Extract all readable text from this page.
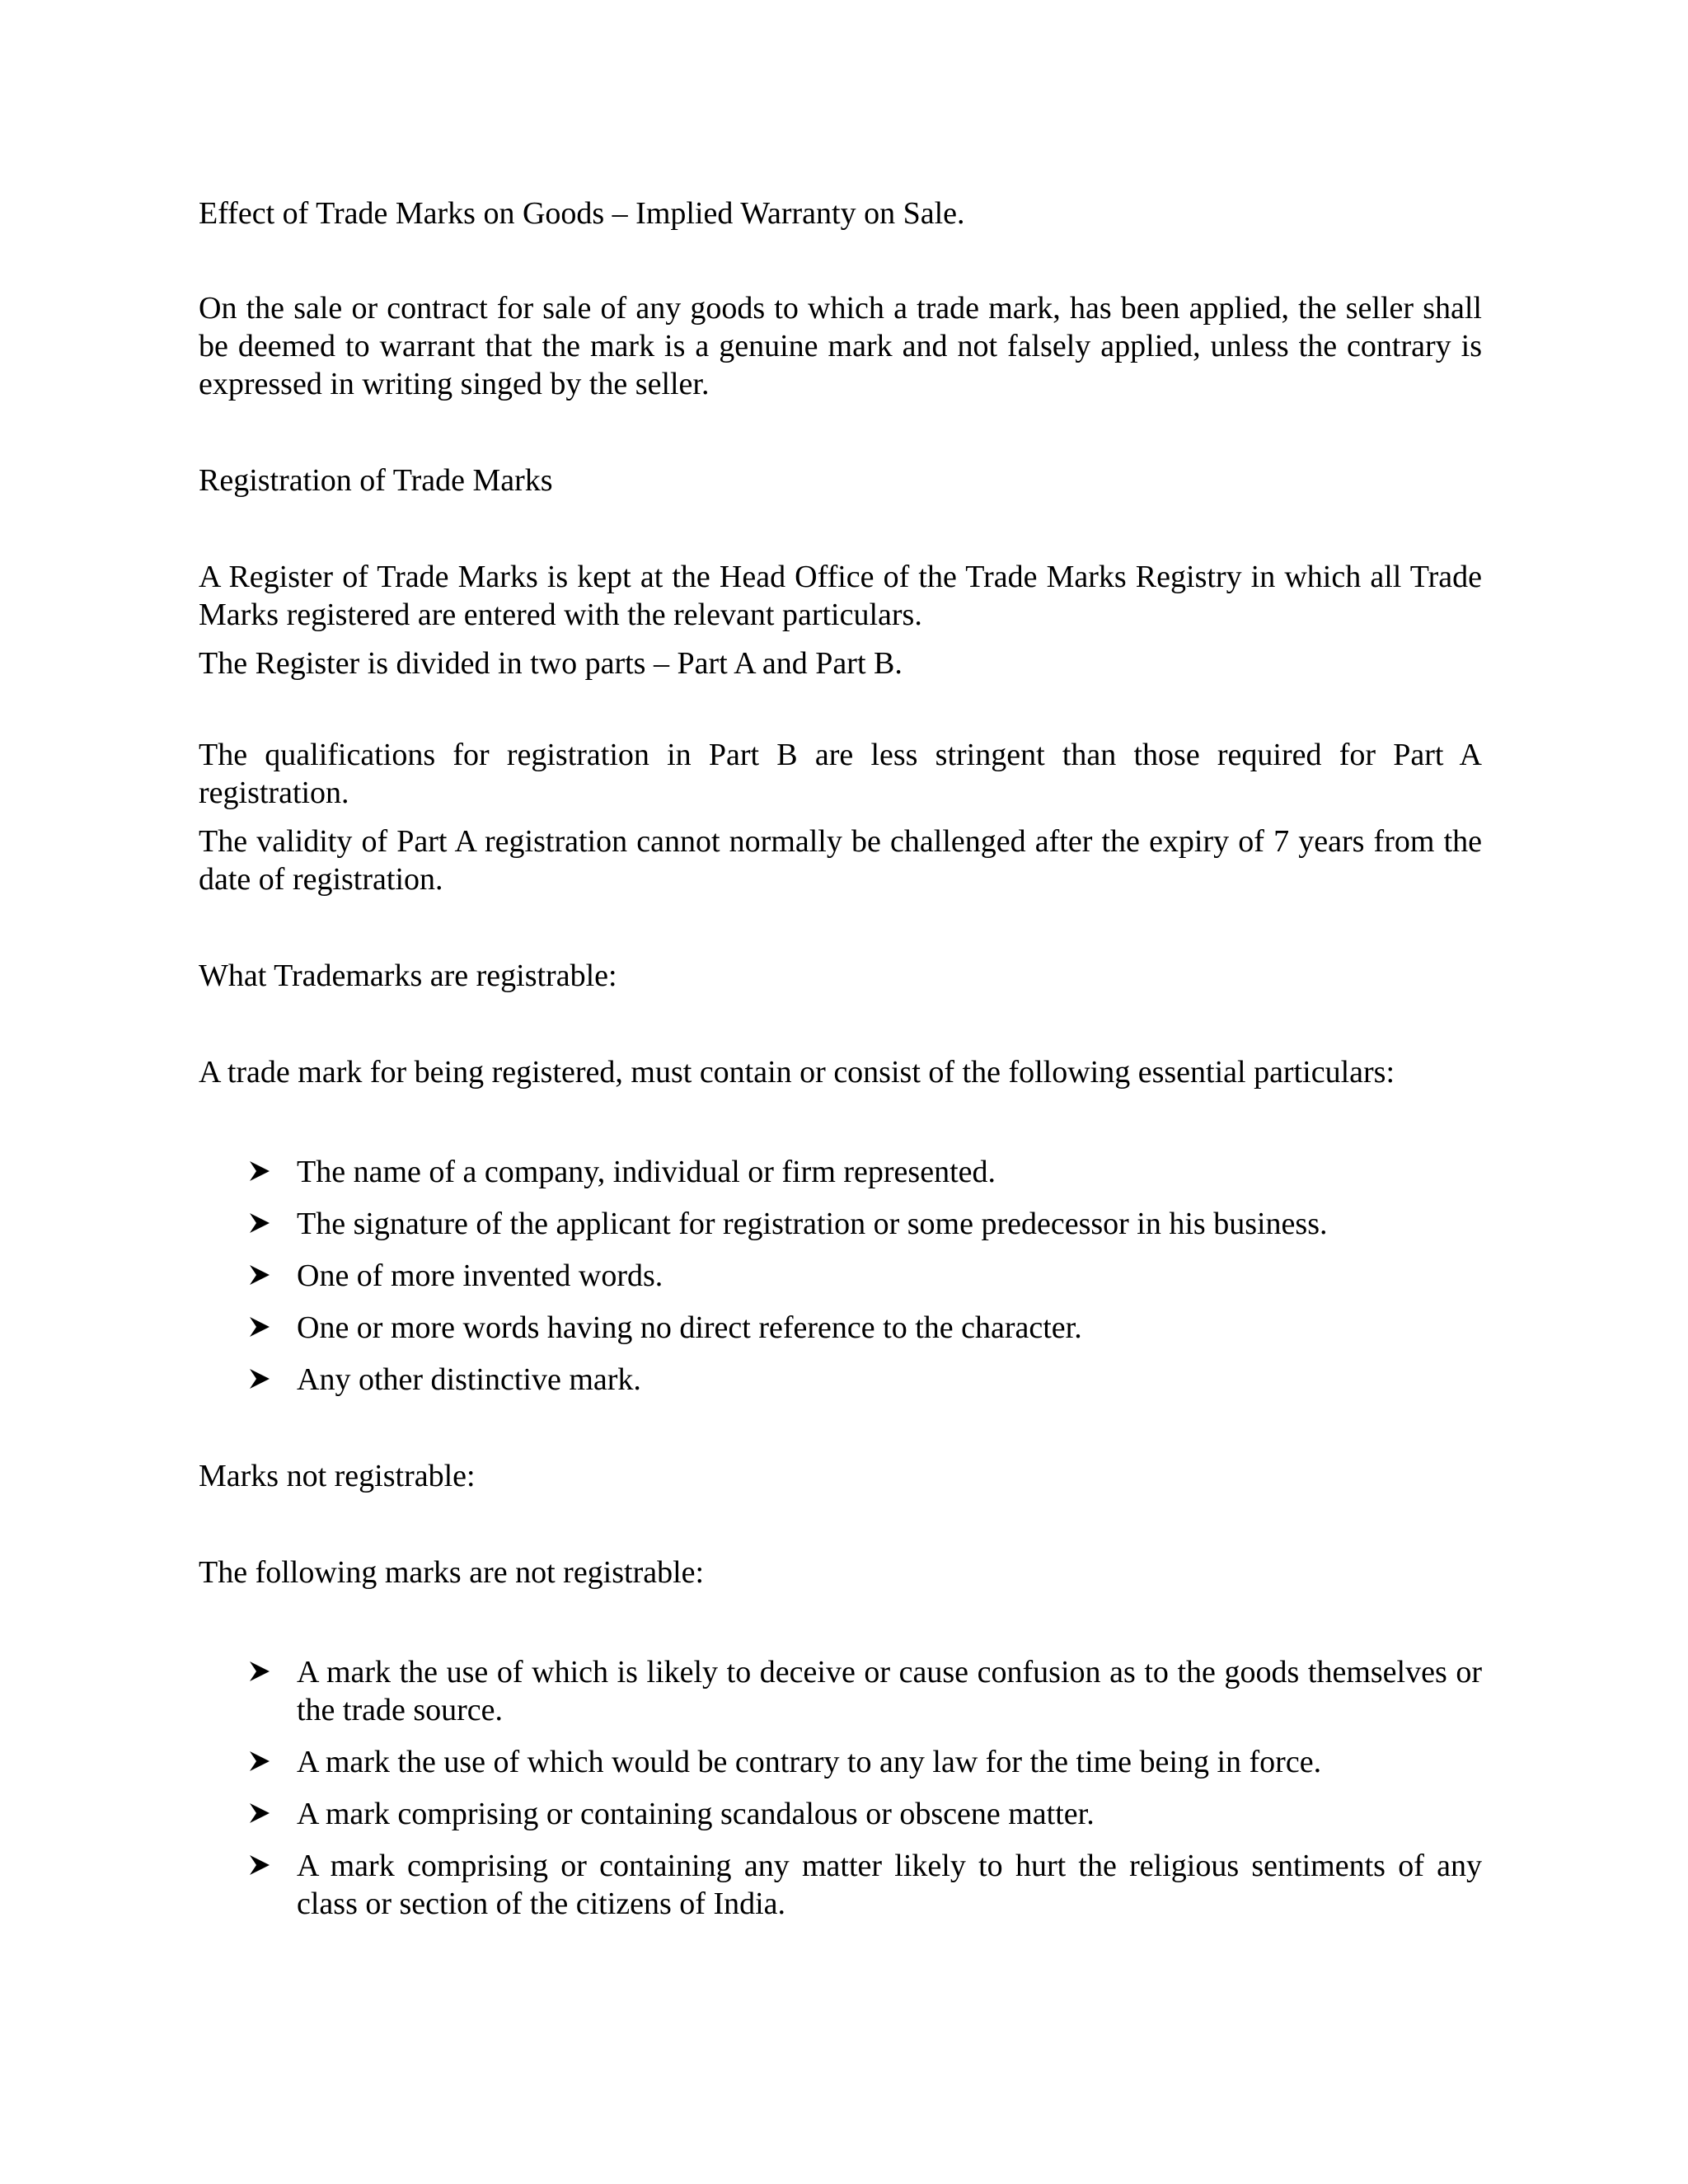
Effect of Trade Marks on Goods – Implied Warranty on Sale.

On the sale or contract for sale of any goods to which a trade mark, has been applied, the seller shall be deemed to warrant that the mark is a genuine mark and not falsely applied, unless the contrary is expressed in writing singed by the seller.

Registration of Trade Marks

A Register of Trade Marks is kept at the Head Office of the Trade Marks Registry in which all Trade Marks registered are entered with the relevant particulars.

The Register is divided in two parts – Part A and Part B.

The qualifications for registration in Part B are less stringent than those required for Part A registration.

The validity of Part A registration cannot normally be challenged after the expiry of 7 years from the date of registration.

What Trademarks are registrable:

A trade mark for being registered, must contain or consist of the following essential particulars:

The name of a company, individual or firm represented.
The signature of the applicant for registration or some predecessor in his business.
One of more invented words.
One or more words having no direct reference to the character.
Any other distinctive mark.

Marks not registrable:

The following marks are not registrable:

A mark the use of which is likely to deceive or cause confusion as to the goods themselves or the trade source.
A mark the use of which would be contrary to any law for the time being in force.
A mark comprising or containing scandalous or obscene matter.
A mark comprising or containing any matter likely to hurt the religious sentiments of any class or section of the citizens of India.
